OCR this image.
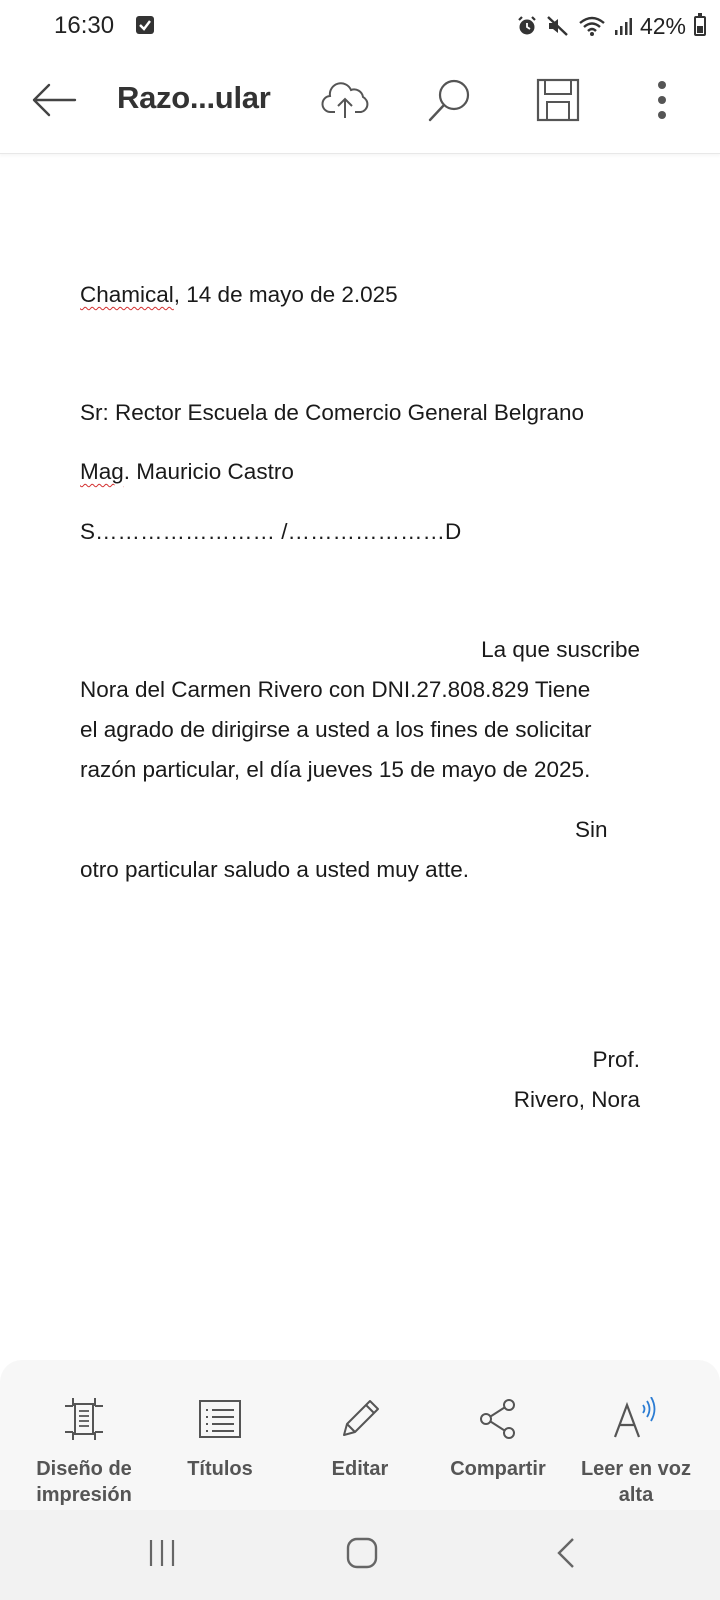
16:30	42%
Razo...ular

Chamical, 14 de mayo de 2.025

Sr: Rector Escuela de Comercio General Belgrano

Mag. Mauricio Castro

S…………………… /…………………D

La que suscribe

Nora del Carmen Rivero con DNI.27.808.829 Tiene

el agrado de dirigirse a usted a los fines de solicitar

razón particular, el día jueves 15 de mayo de 2025.

Sin

otro particular saludo a usted muy atte.

Prof.

Rivero, Nora

Diseño de
impresión
Títulos	Editar	Compartir Leer en voz
alta
